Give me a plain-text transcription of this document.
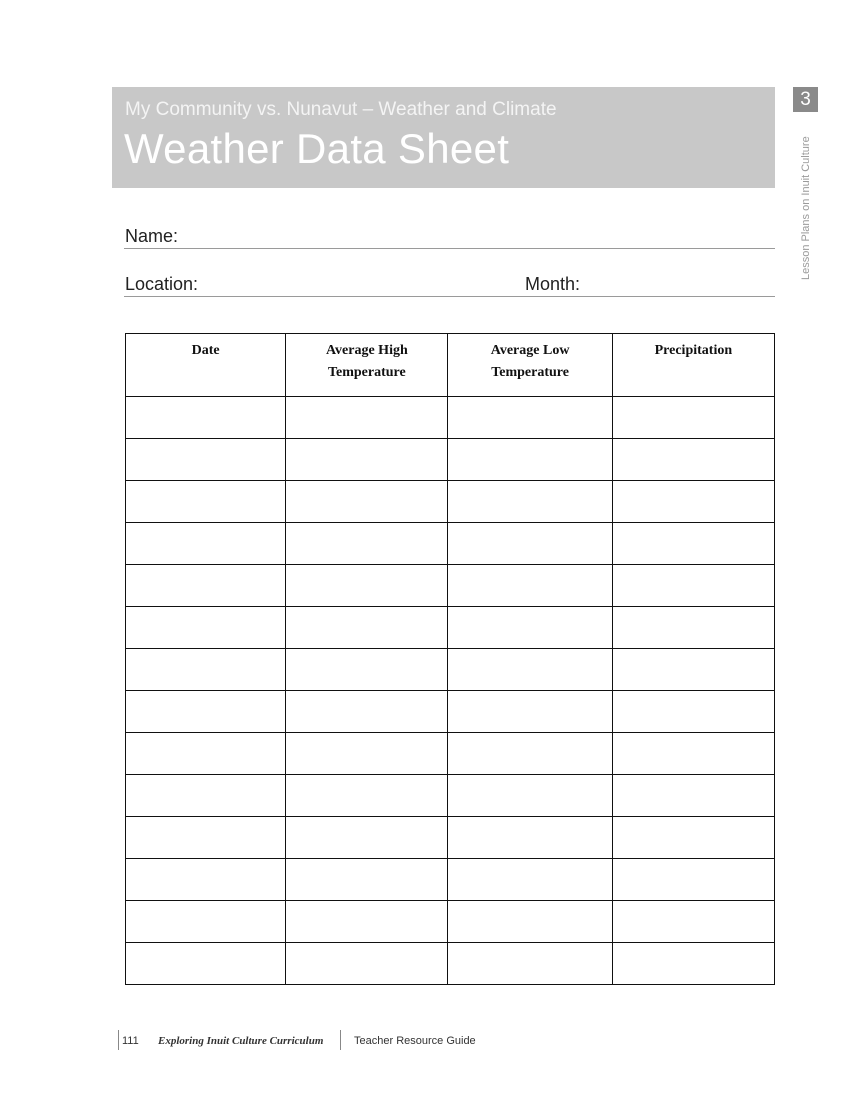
My Community vs. Nunavut – Weather and Climate
Weather Data Sheet
3
Lesson Plans on Inuit Culture
Name:
Location:	Month:
Date	Average High Temperature	Average Low Temperature	Precipitation

111 Exploring Inuit Culture Curriculum	Teacher Resource Guide
